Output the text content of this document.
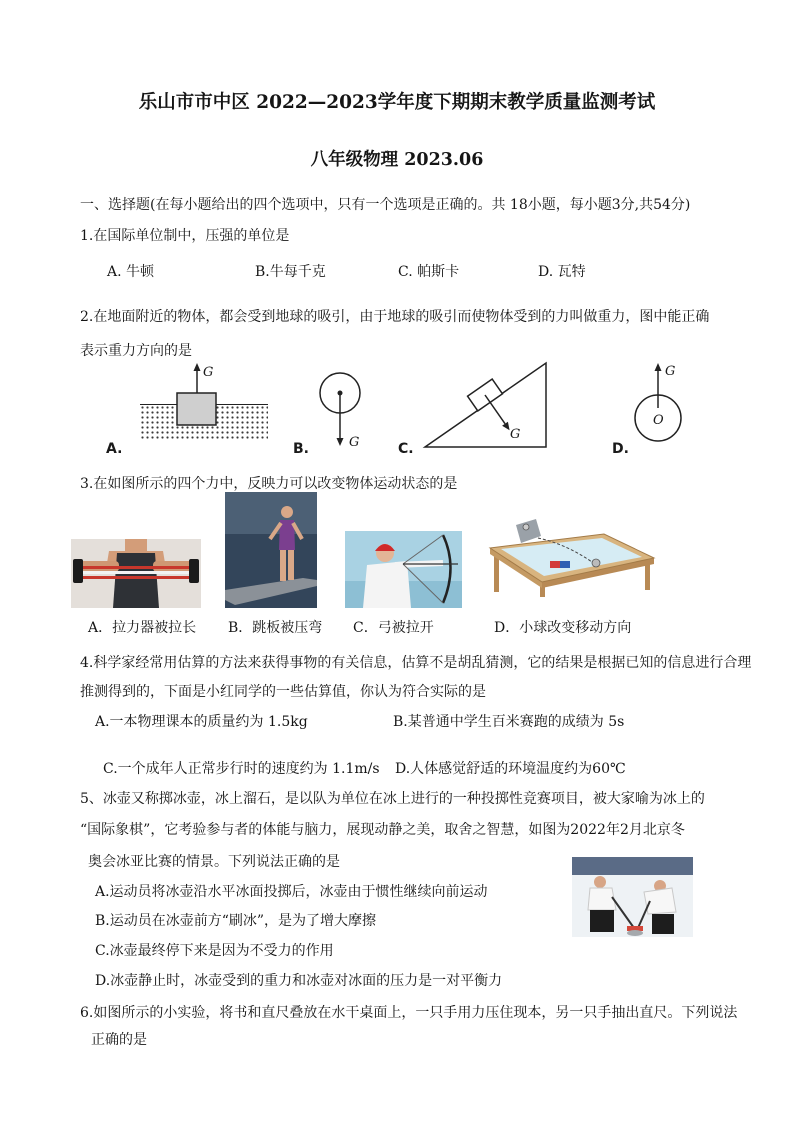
乐山市市中区 2022—2023学年度下期期末教学质量监测考试
八年级物理 2023.06
一、选择题(在每小题给出的四个选项中，只有一个选项是正确的。共 18小题，每小题3分,共54分)
1.在国际单位制中，压强的单位是
A. 牛顿	B.牛每千克	C. 帕斯卡	D. 瓦特
2.在地面附近的物体，都会受到地球的吸引，由于地球的吸引而使物体受到的力叫做重力，图中能正确
表示重力方向的是
G
A.	G
B.
G
C.
O
G
D.
3.在如图所示的四个力中，反映力可以改变物体运动状态的是
A．拉力器被拉长 B．跳板被压弯 C．弓被拉开	D．小球改变移动方向
4.科学家经常用估算的方法来获得事物的有关信息，估算不是胡乱猜测，它的结果是根据已知的信息进行合理
推测得到的，下面是小红同学的一些估算值，你认为符合实际的是
A.一本物理课本的质量约为 1.5kg	B.某普通中学生百米赛跑的成绩为 5s
C.一个成年人正常步行时的速度约为 1.1m/s D.人体感觉舒适的环境温度约为60℃
5、冰壶又称掷冰壶，冰上溜石，是以队为单位在冰上进行的一种投掷性竞赛项目，被大家喻为冰上的
“国际象棋”，它考验参与者的体能与脑力，展现动静之美，取舍之智慧，如图为2022年2月北京冬
奥会冰亚比赛的情景。下列说法正确的是
A.运动员将冰壶沿水平冰面投掷后，冰壶由于惯性继续向前运动
B.运动员在冰壶前方“刷冰”，是为了增大摩擦
C.冰壶最终停下来是因为不受力的作用
D.冰壶静止时，冰壶受到的重力和冰壶对冰面的压力是一对平衡力
6.如图所示的小实验，将书和直尺叠放在水干桌面上，一只手用力压住现本，另一只手抽出直尺。下列说法
正确的是
